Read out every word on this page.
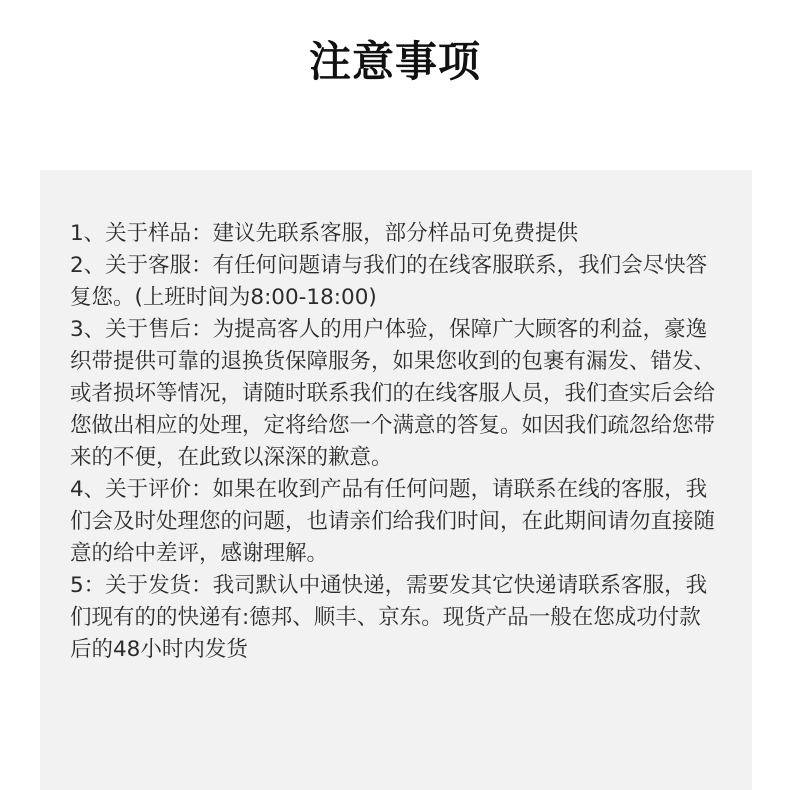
注意事项

1、关于样品：建议先联系客服，部分样品可免费提供

2、关于客服：有任何问题请与我们的在线客服联系，我们会尽快答复您。(上班时间为8:00-18:00)

3、关于售后：为提高客人的用户体验，保障广大顾客的利益，豪逸织带提供可靠的退换货保障服务，如果您收到的包裹有漏发、错发、或者损坏等情况，请随时联系我们的在线客服人员，我们查实后会给您做出相应的处理，定将给您一个满意的答复。如因我们疏忽给您带来的不便，在此致以深深的歉意。

4、关于评价：如果在收到产品有任何问题，请联系在线的客服，我们会及时处理您的问题，也请亲们给我们时间，在此期间请勿直接随意的给中差评，感谢理解。

5：关于发货：我司默认中通快递，需要发其它快递请联系客服，我们现有的的快递有:德邦、顺丰、京东。现货产品一般在您成功付款后的48小时内发货
